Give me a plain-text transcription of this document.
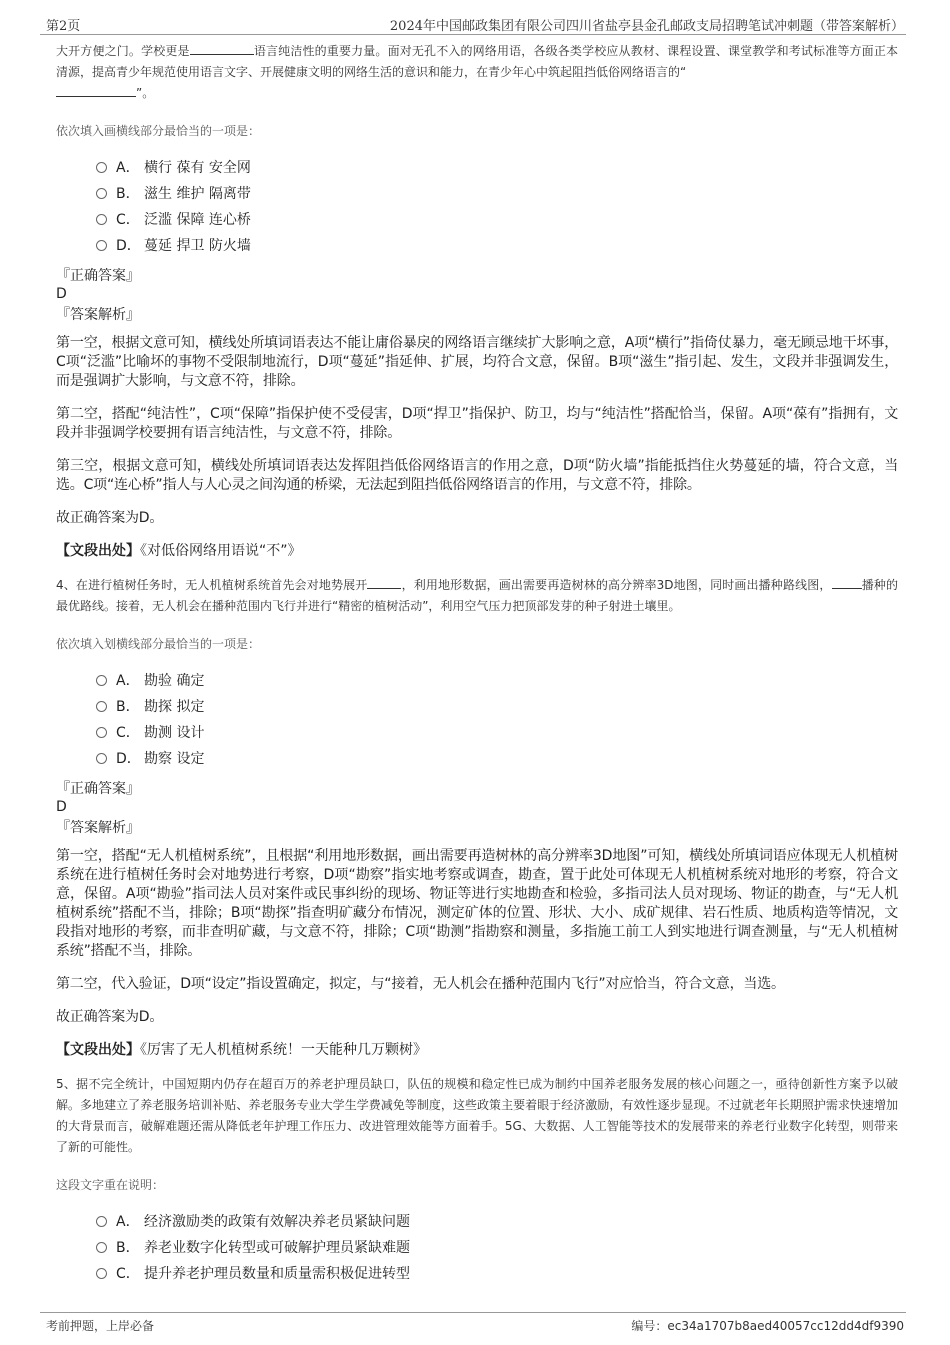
第2页	2024年中国邮政集团有限公司四川省盐亭县金孔邮政支局招聘笔试冲刺题（带答案解析）

大开方便之门。学校更是	语言纯洁性的重要力量。面对无孔不入的网络用语，各级各类学校应从教材、课程设置、课堂教学和考试标准等方面正本清源，提高青少年规范使用语言文字、开展健康文明的网络生活的意识和能力，在青少年心中筑起阻挡低俗网络语言的“
”。

依次填入画横线部分最恰当的一项是：

A． 横行 葆有 安全网
B． 滋生 维护 隔离带
C． 泛滥 保障 连心桥
D． 蔓延 捍卫 防火墙

『正确答案』

D

『答案解析』

第一空，根据文意可知，横线处所填词语表达不能让庸俗暴戾的网络语言继续扩大影响之意，A项“横行”指倚仗暴力，毫无顾忌地干坏事，C项“泛滥”比喻坏的事物不受限制地流行，D项“蔓延”指延伸、扩展，均符合文意，保留。B项“滋生”指引起、发生，文段并非强调发生，而是强调扩大影响，与文意不符，排除。

第二空，搭配“纯洁性”，C项“保障”指保护使不受侵害，D项“捍卫”指保护、防卫，均与“纯洁性”搭配恰当，保留。A项“葆有”指拥有，文段并非强调学校要拥有语言纯洁性，与文意不符，排除。

第三空，根据文意可知，横线处所填词语表达发挥阻挡低俗网络语言的作用之意，D项“防火墙”指能抵挡住火势蔓延的墙，符合文意，当选。C项“连心桥”指人与人心灵之间沟通的桥梁，无法起到阻挡低俗网络语言的作用，与文意不符，排除。

故正确答案为D。

【文段出处】《对低俗网络用语说“不”》

4、在进行植树任务时，无人机植树系统首先会对地势展开	，利用地形数据，画出需要再造树林的高分辨率3D地图，同时画出播种路线图，	播种的最优路线。接着，无人机会在播种范围内飞行并进行“精密的植树活动”，利用空气压力把顶部发芽的种子射进土壤里。

依次填入划横线部分最恰当的一项是：

A． 勘验 确定
B． 勘探 拟定
C． 勘测 设计
D． 勘察 设定

『正确答案』

D

『答案解析』

第一空，搭配“无人机植树系统”，且根据“利用地形数据，画出需要再造树林的高分辨率3D地图”可知，横线处所填词语应体现无人机植树系统在进行植树任务时会对地势进行考察，D项“勘察”指实地考察或调查，勘查，置于此处可体现无人机植树系统对地形的考察，符合文意，保留。A项“勘验”指司法人员对案件或民事纠纷的现场、物证等进行实地勘查和检验，多指司法人员对现场、物证的勘查，与“无人机植树系统”搭配不当，排除；B项“勘探”指查明矿藏分布情况，测定矿体的位置、形状、大小、成矿规律、岩石性质、地质构造等情况，文段指对地形的考察，而非查明矿藏，与文意不符，排除；C项“勘测”指勘察和测量，多指施工前工人到实地进行调查测量，与“无人机植树系统”搭配不当，排除。

第二空，代入验证，D项“设定”指设置确定，拟定，与“接着，无人机会在播种范围内飞行”对应恰当，符合文意，当选。

故正确答案为D。

【文段出处】《厉害了无人机植树系统！一天能种几万颗树》

5、据不完全统计，中国短期内仍存在超百万的养老护理员缺口，队伍的规模和稳定性已成为制约中国养老服务发展的核心问题之一，亟待创新性方案予以破解。多地建立了养老服务培训补贴、养老服务专业大学生学费减免等制度，这些政策主要着眼于经济激励，有效性逐步显现。不过就老年长期照护需求快速增加的大背景而言，破解难题还需从降低老年护理工作压力、改进管理效能等方面着手。5G、大数据、人工智能等技术的发展带来的养老行业数字化转型，则带来了新的可能性。

这段文字重在说明：

A． 经济激励类的政策有效解决养老员紧缺问题
B． 养老业数字化转型或可破解护理员紧缺难题
C． 提升养老护理员数量和质量需积极促进转型
考前押题，上岸必备	编号：ec34a1707b8aed40057cc12dd4df9390
